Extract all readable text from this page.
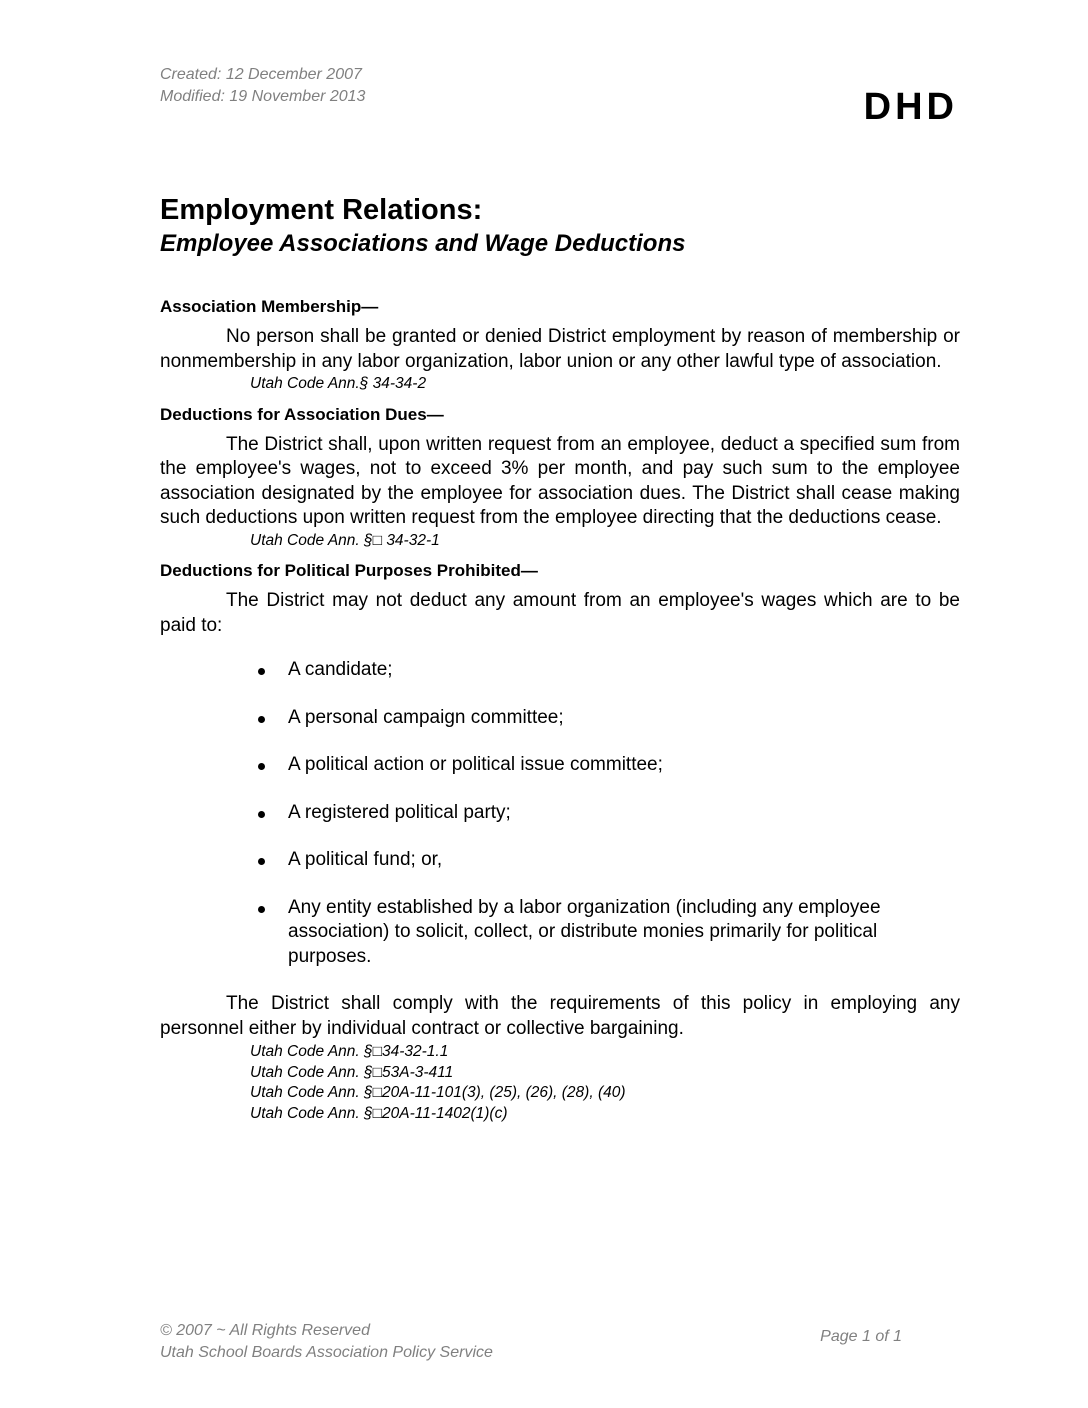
Created: 12 December 2007
Modified: 19 November 2013	DHD
Employment Relations:
Employee Associations and Wage Deductions
Association Membership—

No person shall be granted or denied District employment by reason of membership or nonmembership in any labor organization, labor union or any other lawful type of association.

Utah Code Ann.§ 34-34-2

Deductions for Association Dues—

The District shall, upon written request from an employee, deduct a specified sum from the employee's wages, not to exceed 3% per month, and pay such sum to the employee association designated by the employee for association dues. The District shall cease making such deductions upon written request from the employee directing that the deductions cease.

Utah Code Ann. §□ 34-32-1

Deductions for Political Purposes Prohibited—

The District may not deduct any amount from an employee's wages which are to be paid to:

A candidate;
A personal campaign committee;
A political action or political issue committee;
A registered political party;
A political fund; or,
Any entity established by a labor organization (including any employee association) to solicit, collect, or distribute monies primarily for political purposes.

The District shall comply with the requirements of this policy in employing any personnel either by individual contract or collective bargaining.

Utah Code Ann. §□34-32-1.1
Utah Code Ann. §□53A-3-411
Utah Code Ann. §□20A-11-101(3), (25), (26), (28), (40)
Utah Code Ann. §□20A-11-1402(1)(c)
© 2007 ~ All Rights Reserved
Utah School Boards Association Policy Service
Page 1 of 1
